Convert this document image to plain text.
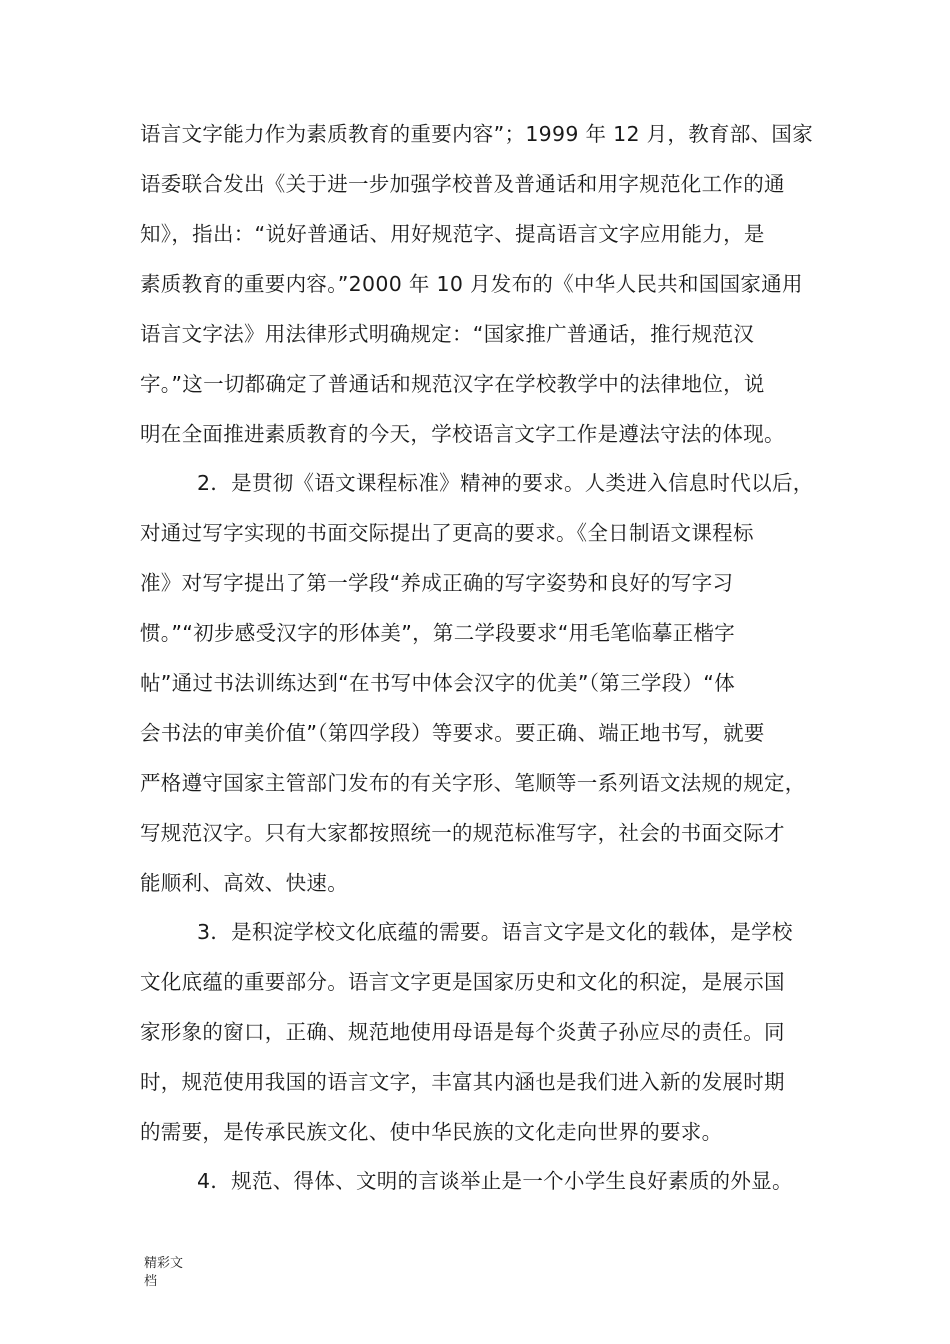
语言文字能力作为素质教育的重要内容”；1999 年 12 月，教育部、国家
语委联合发出《关于进一步加强学校普及普通话和用字规范化工作的通
知》，指出：“说好普通话、用好规范字、提高语言文字应用能力，是
素质教育的重要内容。”2000 年 10 月发布的《中华人民共和国国家通用
语言文字法》用法律形式明确规定：“国家推广普通话，推行规范汉
字。”这一切都确定了普通话和规范汉字在学校教学中的法律地位，说
明在全面推进素质教育的今天，学校语言文字工作是遵法守法的体现。
2．是贯彻《语文课程标准》精神的要求。人类进入信息时代以后，
对通过写字实现的书面交际提出了更高的要求。《全日制语文课程标
准》对写字提出了第一学段“养成正确的写字姿势和良好的写字习
惯。”“初步感受汉字的形体美”，第二学段要求“用毛笔临摹正楷字
帖”通过书法训练达到“在书写中体会汉字的优美”（第三学段）“体
会书法的审美价值”（第四学段）等要求。要正确、端正地书写，就要
严格遵守国家主管部门发布的有关字形、笔顺等一系列语文法规的规定，
写规范汉字。只有大家都按照统一的规范标准写字，社会的书面交际才
能顺利、高效、快速。
3．是积淀学校文化底蕴的需要。语言文字是文化的载体，是学校
文化底蕴的重要部分。语言文字更是国家历史和文化的积淀，是展示国
家形象的窗口，正确、规范地使用母语是每个炎黄子孙应尽的责任。同
时，规范使用我国的语言文字，丰富其内涵也是我们进入新的发展时期
的需要，是传承民族文化、使中华民族的文化走向世界的要求。
4．规范、得体、文明的言谈举止是一个小学生良好素质的外显。
精彩文
档
